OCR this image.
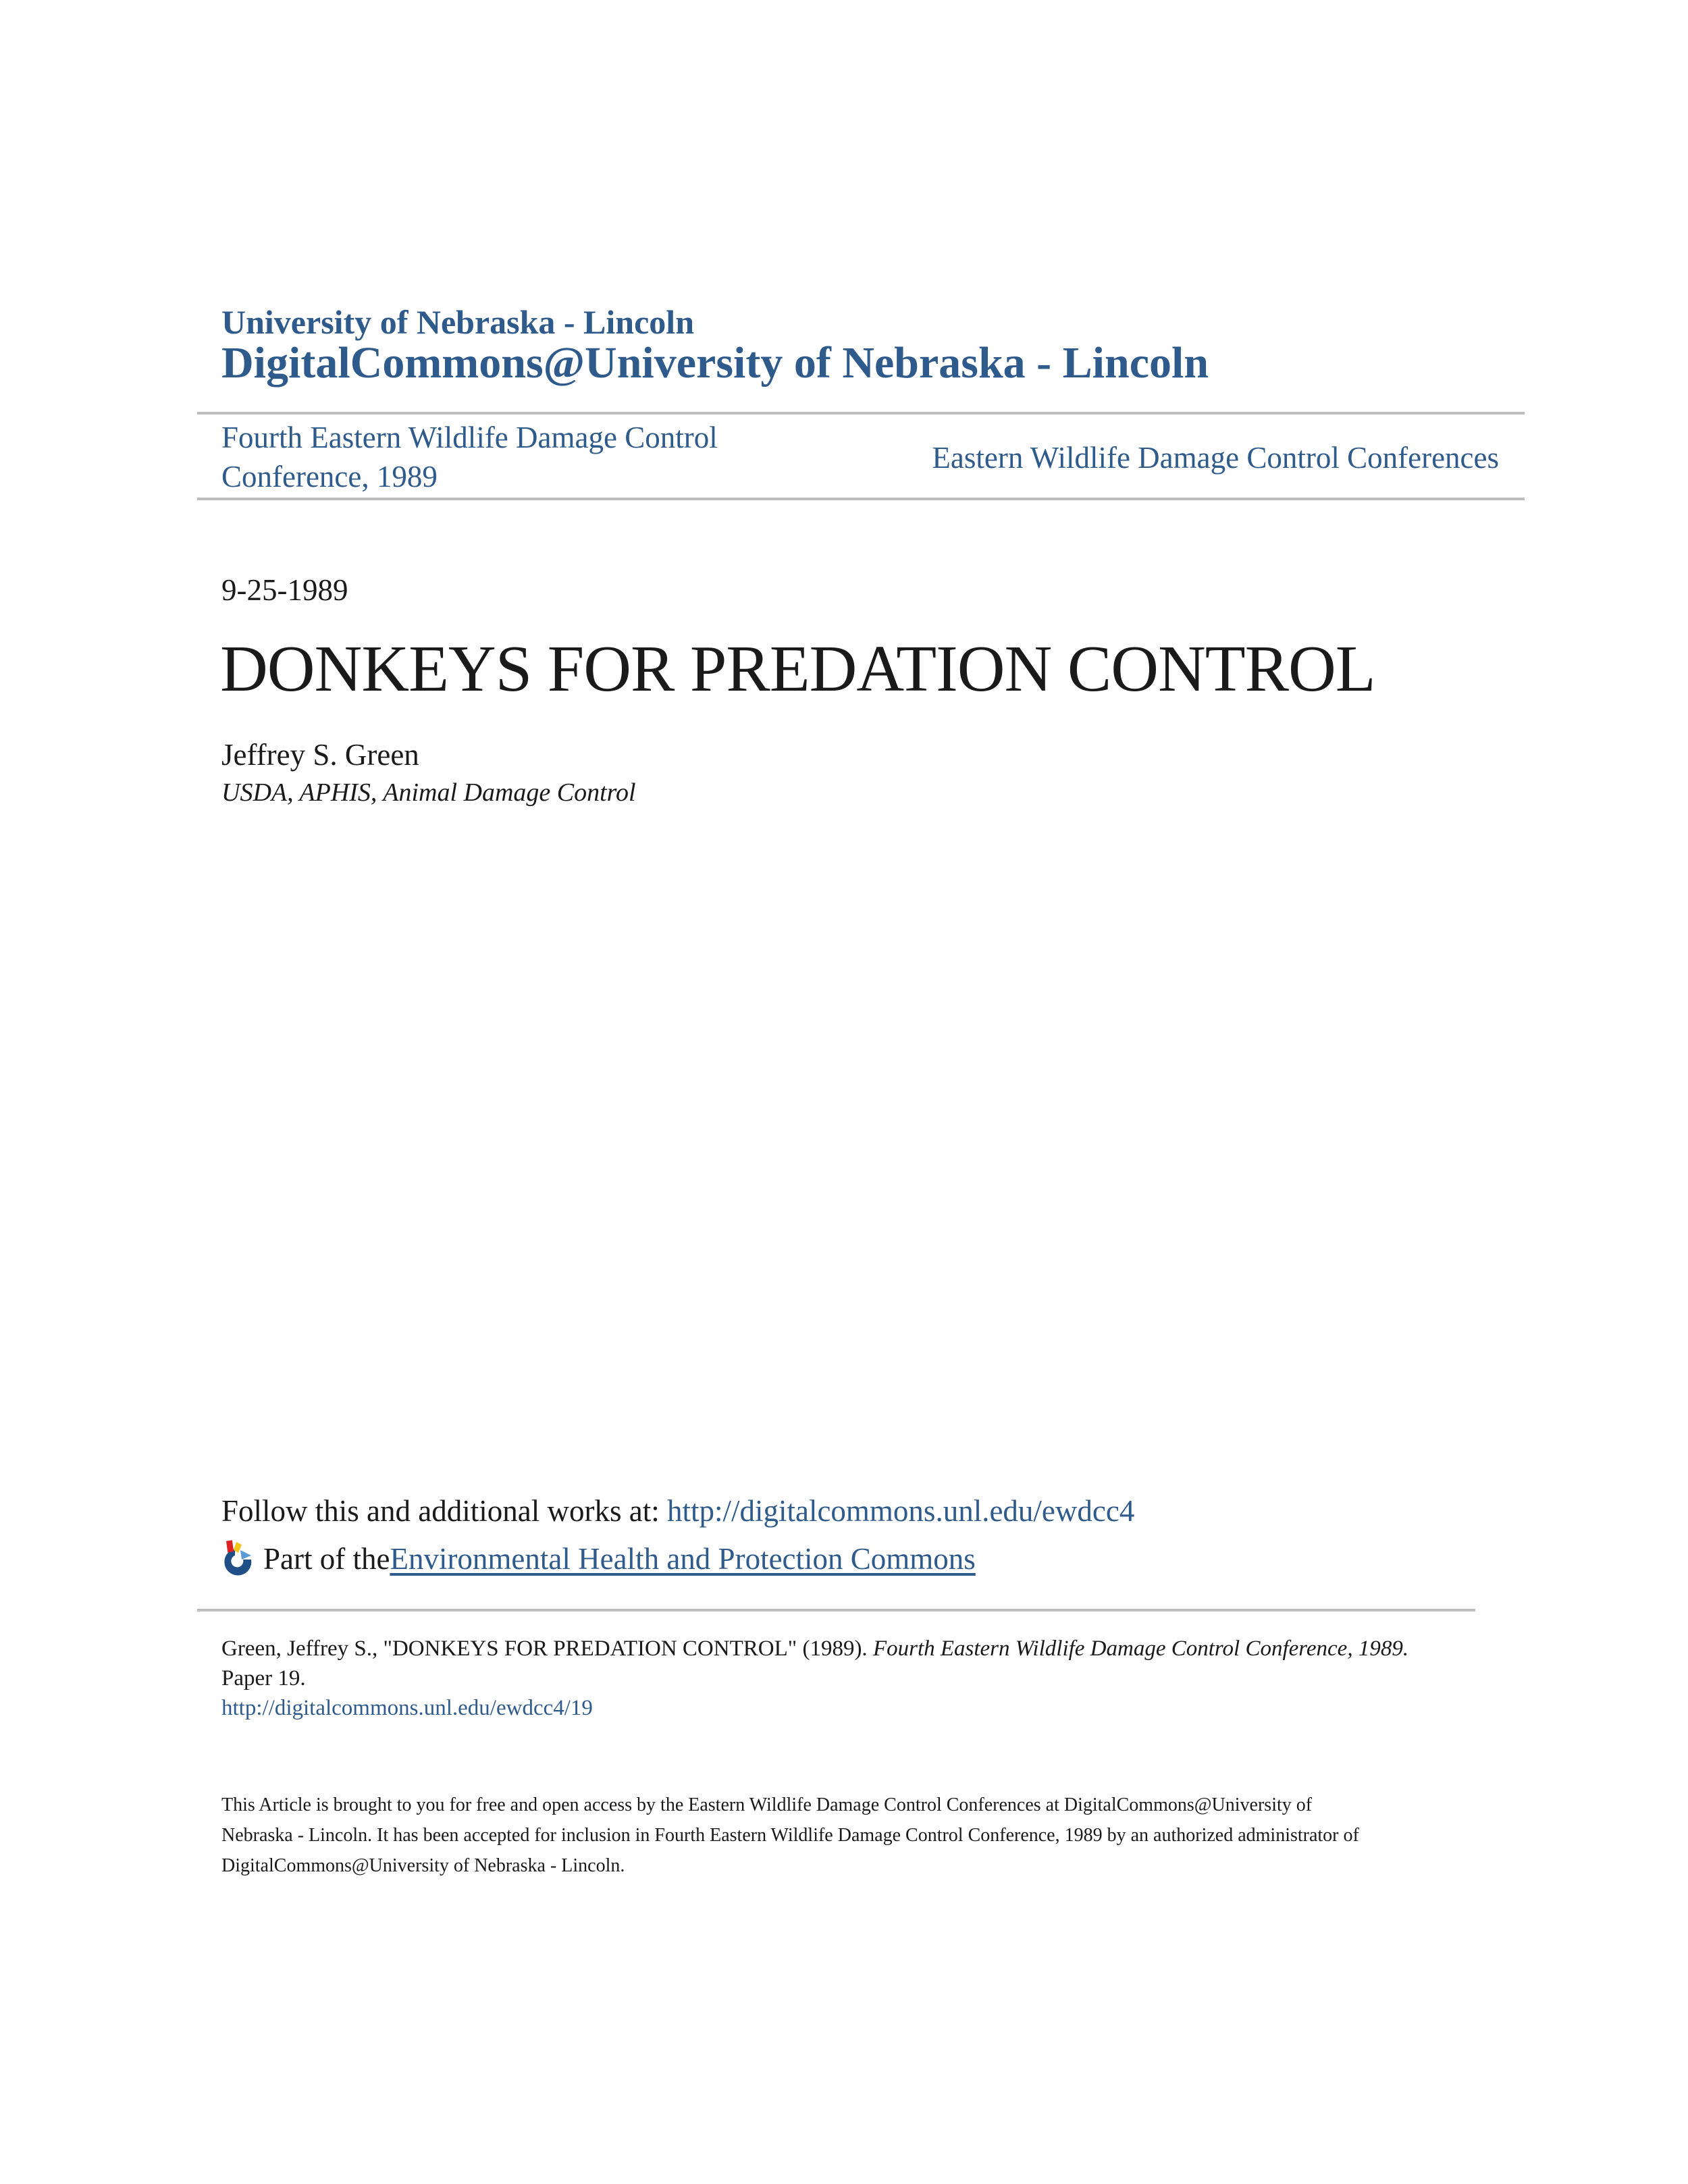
University of Nebraska - Lincoln
DigitalCommons@University of Nebraska - Lincoln
Fourth Eastern Wildlife Damage Control
Conference, 1989
Eastern Wildlife Damage Control Conferences
9-25-1989
DONKEYS FOR PREDATION CONTROL
Jeffrey S. Green
USDA, APHIS, Animal Damage Control
Follow this and additional works at: http://digitalcommons.unl.edu/ewdcc4
Part of the Environmental Health and Protection Commons
Green, Jeffrey S., "DONKEYS FOR PREDATION CONTROL" (1989). Fourth Eastern Wildlife Damage Control Conference, 1989.
Paper 19.
http://digitalcommons.unl.edu/ewdcc4/19
This Article is brought to you for free and open access by the Eastern Wildlife Damage Control Conferences at DigitalCommons@University of
Nebraska - Lincoln. It has been accepted for inclusion in Fourth Eastern Wildlife Damage Control Conference, 1989 by an authorized administrator of
DigitalCommons@University of Nebraska - Lincoln.
